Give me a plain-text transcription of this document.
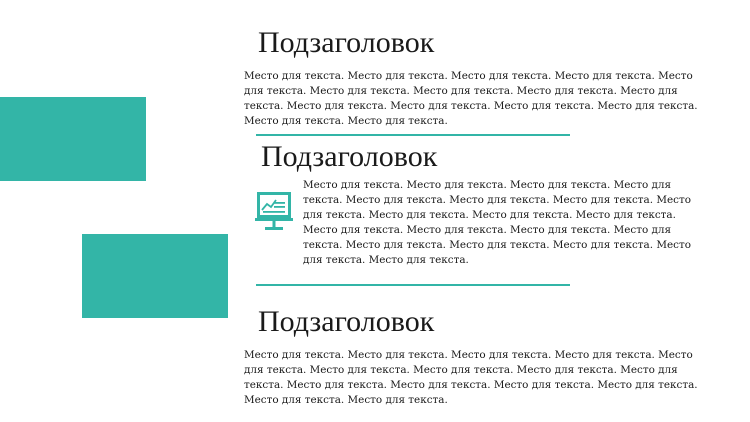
Подзаголовок

Место для текста. Место для текста. Место для текста. Место для текста. Место для текста. Место для текста. Место для текста. Место для текста. Место для текста. Место для текста. Место для текста. Место для текста. Место для текста. Место для текста. Место для текста.

Подзаголовок

Место для текста. Место для текста. Место для текста. Место для текста. Место для текста. Место для текста. Место для текста. Место для текста. Место для текста. Место для текста. Место для текста. Место для текста. Место для текста. Место для текста. Место для текста. Место для текста. Место для текста. Место для текста. Место для текста. Место для текста.

Подзаголовок

Место для текста. Место для текста. Место для текста. Место для текста. Место для текста. Место для текста. Место для текста. Место для текста. Место для текста. Место для текста. Место для текста. Место для текста. Место для текста. Место для текста. Место для текста.
